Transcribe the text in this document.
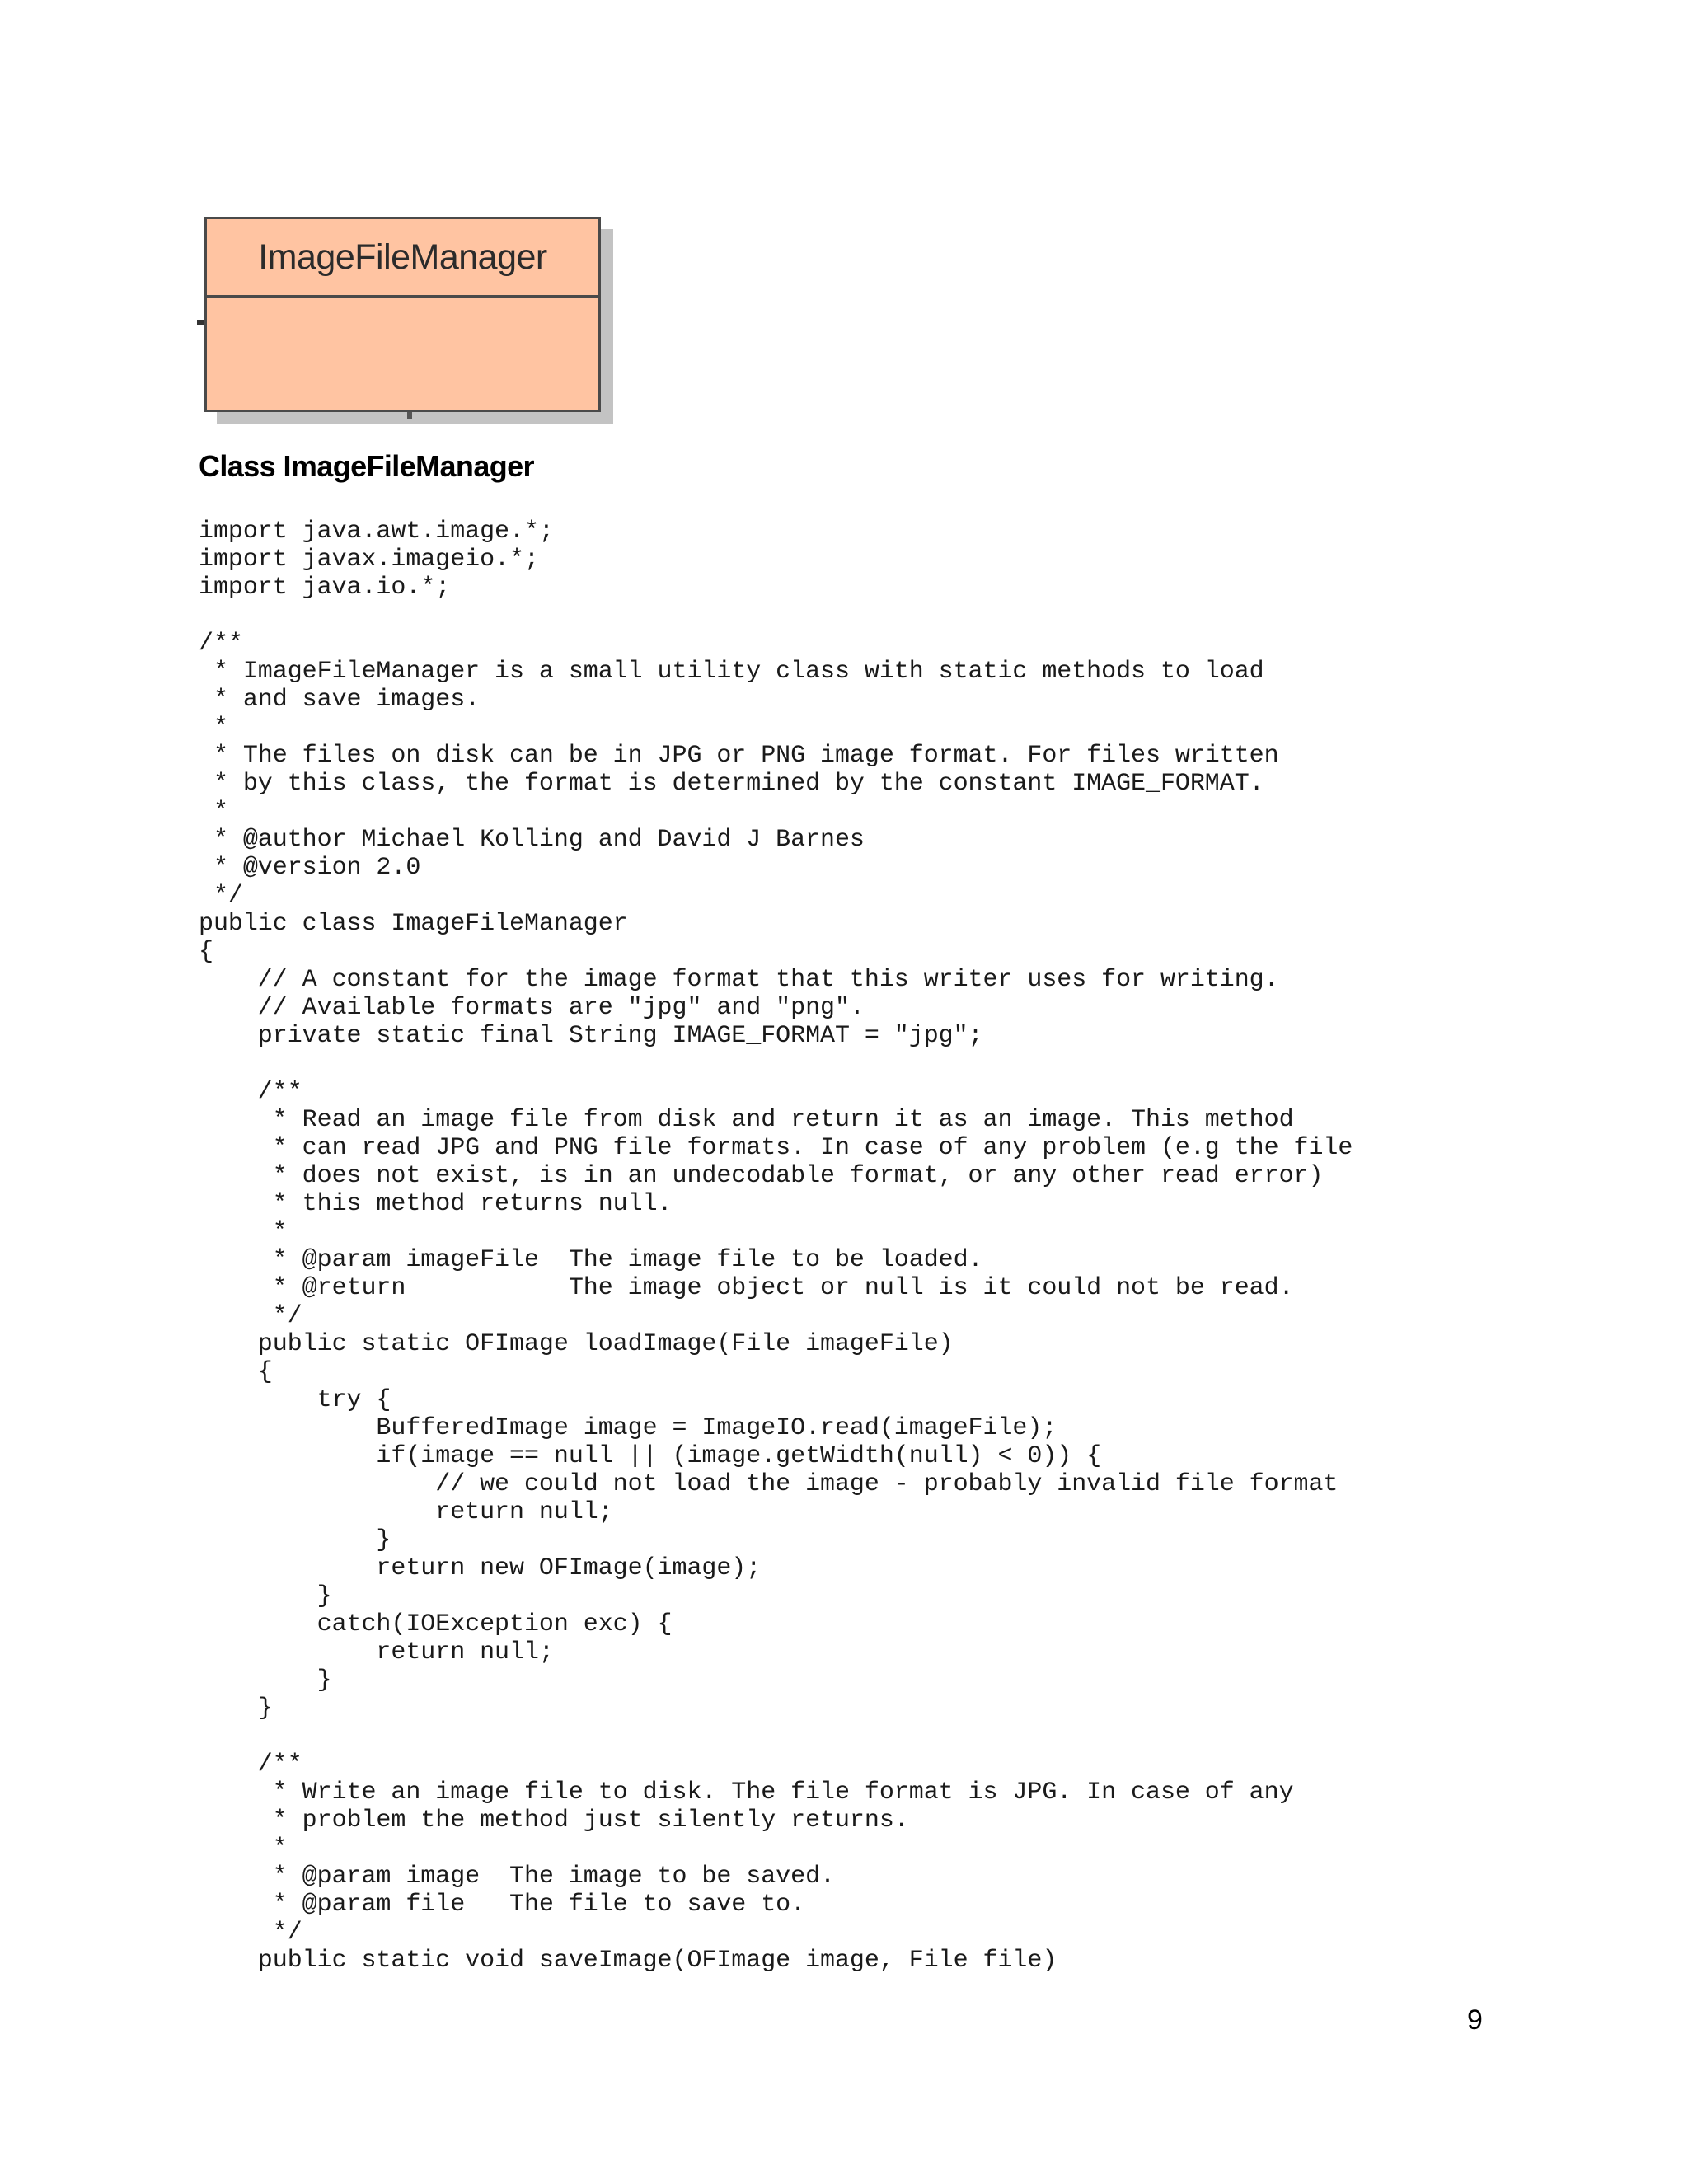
ImageFileManager
Class ImageFileManager
import java.awt.image.*;
import javax.imageio.*;
import java.io.*;

/**
* ImageFileManager is a small utility class with static methods to load
* and save images.
*
* The files on disk can be in JPG or PNG image format. For files written
* by this class, the format is determined by the constant IMAGE_FORMAT.
*
* @author Michael Kolling and David J Barnes
* @version 2.0
*/
public class ImageFileManager
{
// A constant for the image format that this writer uses for writing.
// Available formats are "jpg" and "png".
private static final String IMAGE_FORMAT = "jpg";

/**
* Read an image file from disk and return it as an image. This method
* can read JPG and PNG file formats. In case of any problem (e.g the file
* does not exist, is in an undecodable format, or any other read error)
* this method returns null.
*
* @param imageFile  The image file to be loaded.
* @return           The image object or null is it could not be read.
*/
public static OFImage loadImage(File imageFile)
{
try {
BufferedImage image = ImageIO.read(imageFile);
if(image == null || (image.getWidth(null) < 0)) {
// we could not load the image - probably invalid file format
return null;
}
return new OFImage(image);
}
catch(IOException exc) {
return null;
}
}

/**
* Write an image file to disk. The file format is JPG. In case of any
* problem the method just silently returns.
*
* @param image  The image to be saved.
* @param file   The file to save to.
*/
public static void saveImage(OFImage image, File file)
9
